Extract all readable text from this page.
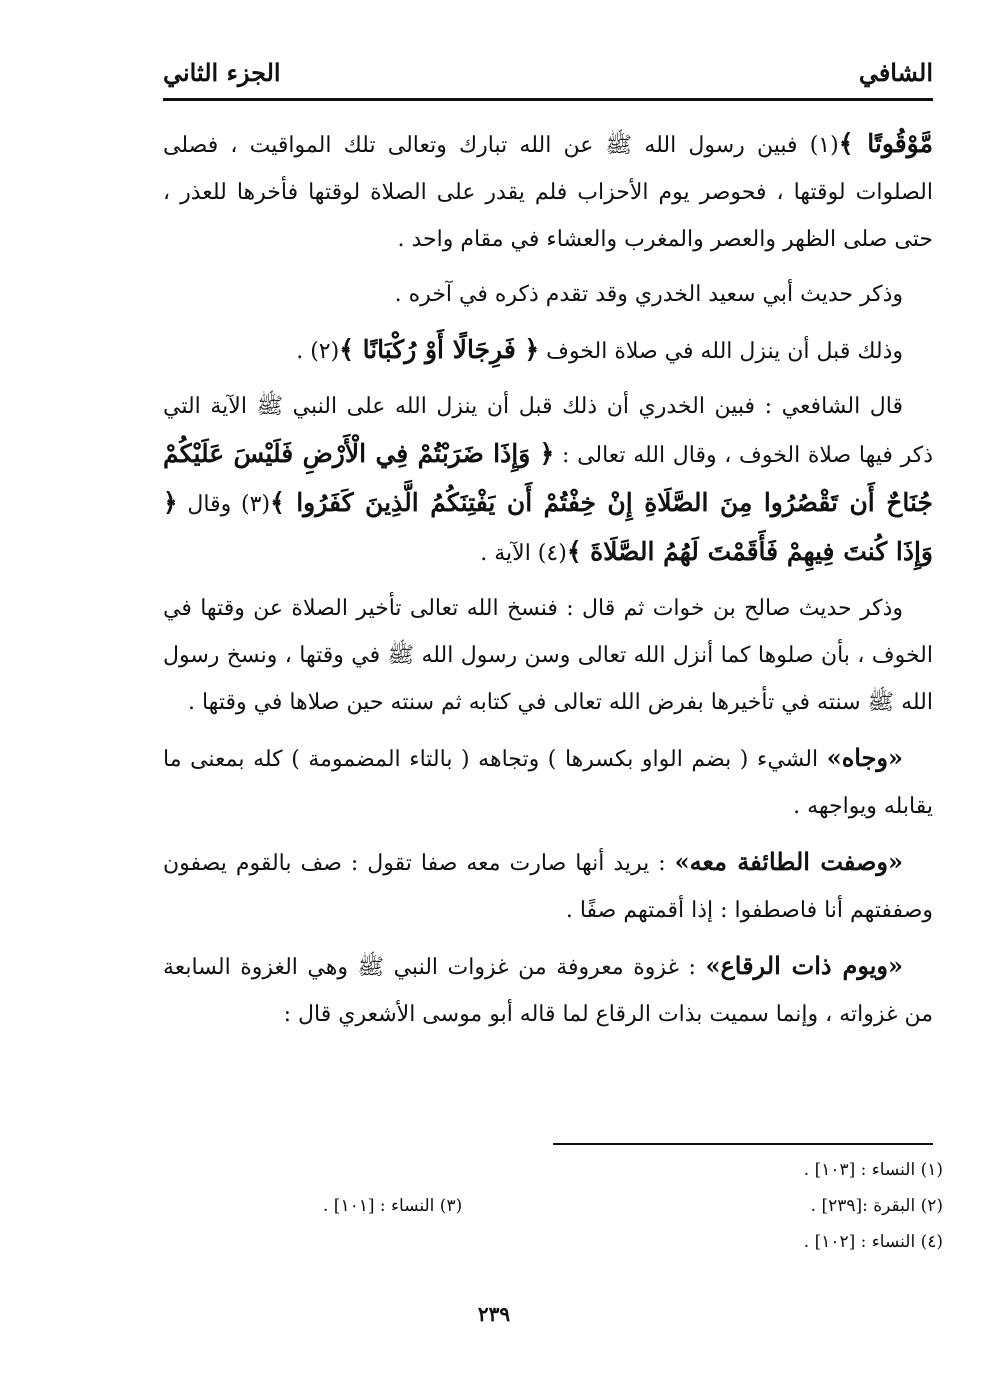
الشافي
الجزء الثاني

مَّوْقُوتًا ﴾(١) فبين رسول الله ﷺ عن الله تبارك وتعالى تلك المواقيت ، فصلى الصلوات لوقتها ، فحوصر يوم الأحزاب فلم يقدر على الصلاة لوقتها فأخرها للعذر ، حتى صلى الظهر والعصر والمغرب والعشاء في مقام واحد .

وذكر حديث أبي سعيد الخدري وقد تقدم ذكره في آخره .

وذلك قبل أن ينزل الله في صلاة الخوف ﴿ فَرِجَالًا أَوْ رُكْبَانًا ﴾(٢) .

قال الشافعي : فبين الخدري أن ذلك قبل أن ينزل الله على النبي ﷺ الآية التي ذكر فيها صلاة الخوف ، وقال الله تعالى : ﴿ وَإِذَا ضَرَبْتُمْ فِي الْأَرْضِ فَلَيْسَ عَلَيْكُمْ جُنَاحٌ أَن تَقْصُرُوا مِنَ الصَّلَاةِ إِنْ خِفْتُمْ أَن يَفْتِنَكُمُ الَّذِينَ كَفَرُوا ﴾(٣) وقال ﴿ وَإِذَا كُنتَ فِيهِمْ فَأَقَمْتَ لَهُمُ الصَّلَاةَ ﴾(٤) الآية .

وذكر حديث صالح بن خوات ثم قال : فنسخ الله تعالى تأخير الصلاة عن وقتها في الخوف ، بأن صلوها كما أنزل الله تعالى وسن رسول الله ﷺ في وقتها ، ونسخ رسول الله ﷺ سنته في تأخيرها بفرض الله تعالى في كتابه ثم سنته حين صلاها في وقتها .

«وجاه» الشيء ( بضم الواو بكسرها ) وتجاهه ( بالتاء المضمومة ) كله بمعنى ما يقابله ويواجهه .

«وصفت الطائفة معه» : يريد أنها صارت معه صفا تقول : صف بالقوم يصفون وصففتهم أنا فاصطفوا : إذا أقمتهم صفًا .

«ويوم ذات الرقاع» : غزوة معروفة من غزوات النبي ﷺ وهي الغزوة السابعة من غزواته ، وإنما سميت بذات الرقاع لما قاله أبو موسى الأشعري قال :

(١) النساء : [١٠٣] .
(٢) البقرة :[٢٣٩] .
(٣) النساء : [١٠١] .
(٤) النساء : [١٠٢] .
٢٣٩
